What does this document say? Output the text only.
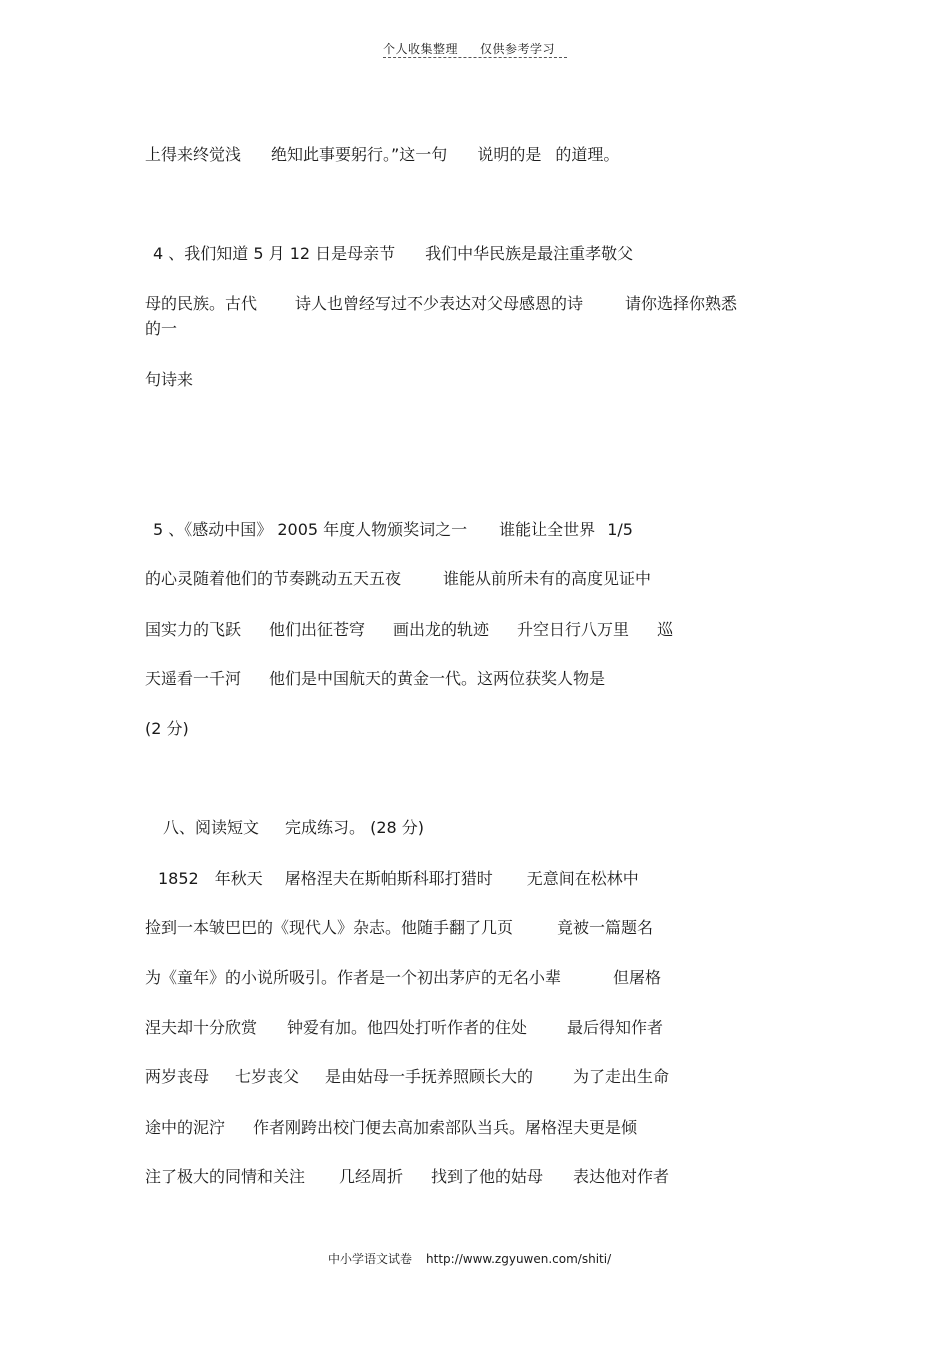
个人收集整理 仅供参考学习
上得来终觉浅 绝知此事要躬行。”这一句 说明的是 的道理。
4 、我们知道 5 月 12 日是母亲节 我们中华民族是最注重孝敬父
母的民族。古代 诗人也曾经写过不少表达对父母感恩的诗	请你选择你熟悉
的一
句诗来
5 、《感动中国》 2005 年度人物颁奖词之一 谁能让全世界 1/5
的心灵随着他们的节奏跳动五天五夜	谁能从前所未有的高度见证中
国实力的飞跃 他们出征苍穹 画出龙的轨迹 升空日行八万里 巡
天遥看一千河 他们是中国航天的黄金一代。这两位获奖人物是
(2 分)
八、阅读短文 完成练习。 (28 分)
1852 年秋天 屠格涅夫在斯帕斯科耶打猎时 无意间在松林中
捡到一本皱巴巴的《现代人》杂志。他随手翻了几页	竟被一篇题名
为《童年》的小说所吸引。作者是一个初出茅庐的无名小辈	但屠格
涅夫却十分欣赏 钟爱有加。他四处打听作者的住处	最后得知作者
两岁丧母 七岁丧父 是由姑母一手抚养照顾长大的	为了走出生命
途中的泥泞 作者刚跨出校门便去高加索部队当兵。屠格涅夫更是倾
注了极大的同情和关注 几经周折 找到了他的姑母 表达他对作者
中小学语文试卷 http://www.zgyuwen.com/shiti/
